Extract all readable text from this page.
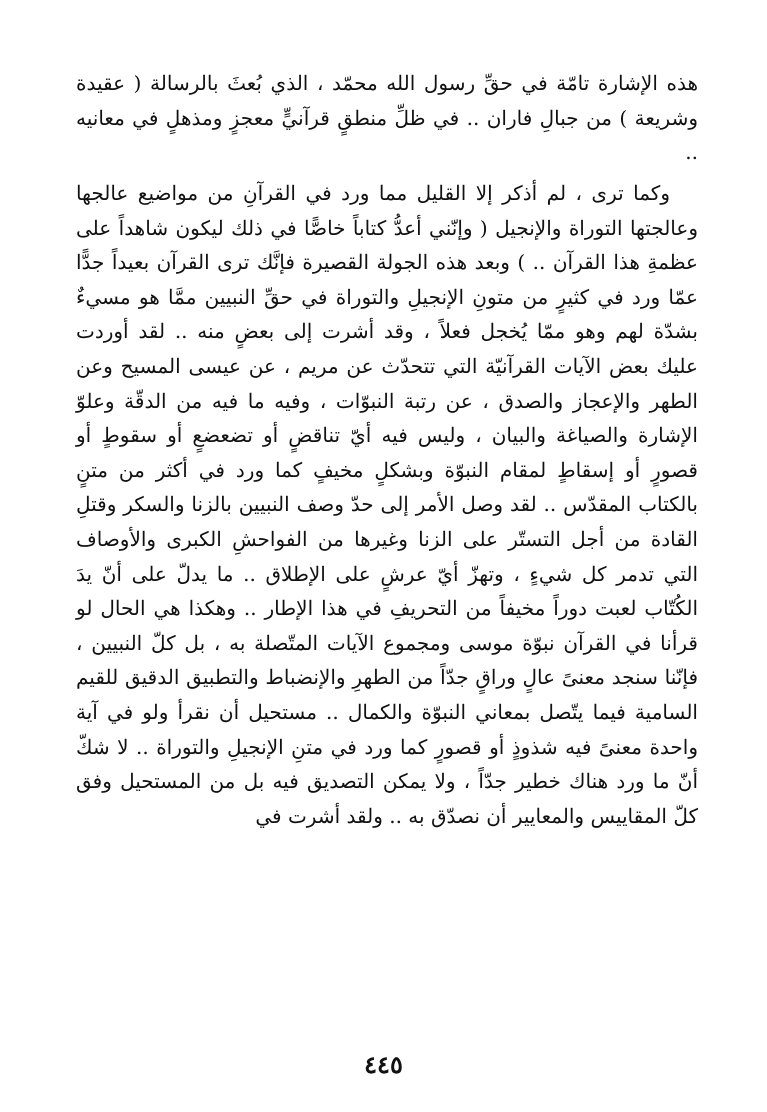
هذه الإشارة تامّة في حقِّ رسول الله محمّد ، الذي بُعثَ بالرسالة ( عقيدة وشريعة ) من جبالِ فاران .. في ظلِّ منطقٍ قرآنيٍّ معجزٍ ومذهلٍ في معانيه ..

وكما ترى ، لم أذكر إلا القليل مما ورد في القرآنِ من مواضيع عالجها وعالجتها التوراة والإنجيل ( وإنّني أعدُّ كتاباً خاصًّا في ذلك ليكون شاهداً على عظمةِ هذا القرآن .. ) وبعد هذه الجولة القصيرة فإنَّك ترى القرآن بعيداً جدًّا عمّا ورد في كثيرٍ من متونِ الإنجيلِ والتوراة في حقِّ النبيين ممَّا هو مسيءٌ بشدّة لهم وهو ممّا يُخجل فعلاً ، وقد أشرت إلى بعضٍ منه .. لقد أوردت عليك بعض الآيات القرآنيّة التي تتحدّث عن مريم ، عن عيسى المسيح وعن الطهر والإعجاز والصدق ، عن رتبة النبوّات ، وفيه ما فيه من الدقّة وعلوّ الإشارة والصياغة والبيان ، وليس فيه أيّ تناقضٍ أو تضعضعٍ أو سقوطٍ أو قصورٍ أو إسقاطٍ لمقام النبوّة وبشكلٍ مخيفٍ كما ورد في أكثر من متنٍ بالكتاب المقدّس .. لقد وصل الأمر إلى حدّ وصف النبيين بالزنا والسكر وقتلِ القادة من أجل التستّر على الزنا وغيرها من الفواحشِ الكبرى والأوصاف التي تدمر كل شيءٍ ، وتهزّ أيّ عرشٍ على الإطلاق .. ما يدلّ على أنّ يدَ الكُتّاب لعبت دوراً مخيفاً من التحريفِ في هذا الإطار .. وهكذا هي الحال لو قرأنا في القرآن نبوّة موسى ومجموع الآيات المتّصلة به ، بل كلّ النبيين ، فإنّنا سنجد معنىً عالٍ وراقٍ جدّاً من الطهرِ والإنضباط والتطبيق الدقيق للقيم السامية فيما يتّصل بمعاني النبوّة والكمال .. مستحيل أن نقرأ ولو في آية واحدة معنىً فيه شذوذٍ أو قصورٍ كما ورد في متنِ الإنجيلِ والتوراة .. لا شكّ أنّ ما ورد هناك خطير جدّاً ، ولا يمكن التصديق فيه بل من المستحيل وفق كلّ المقاييس والمعايير أن نصدّق به .. ولقد أشرت في

٤٤٥
